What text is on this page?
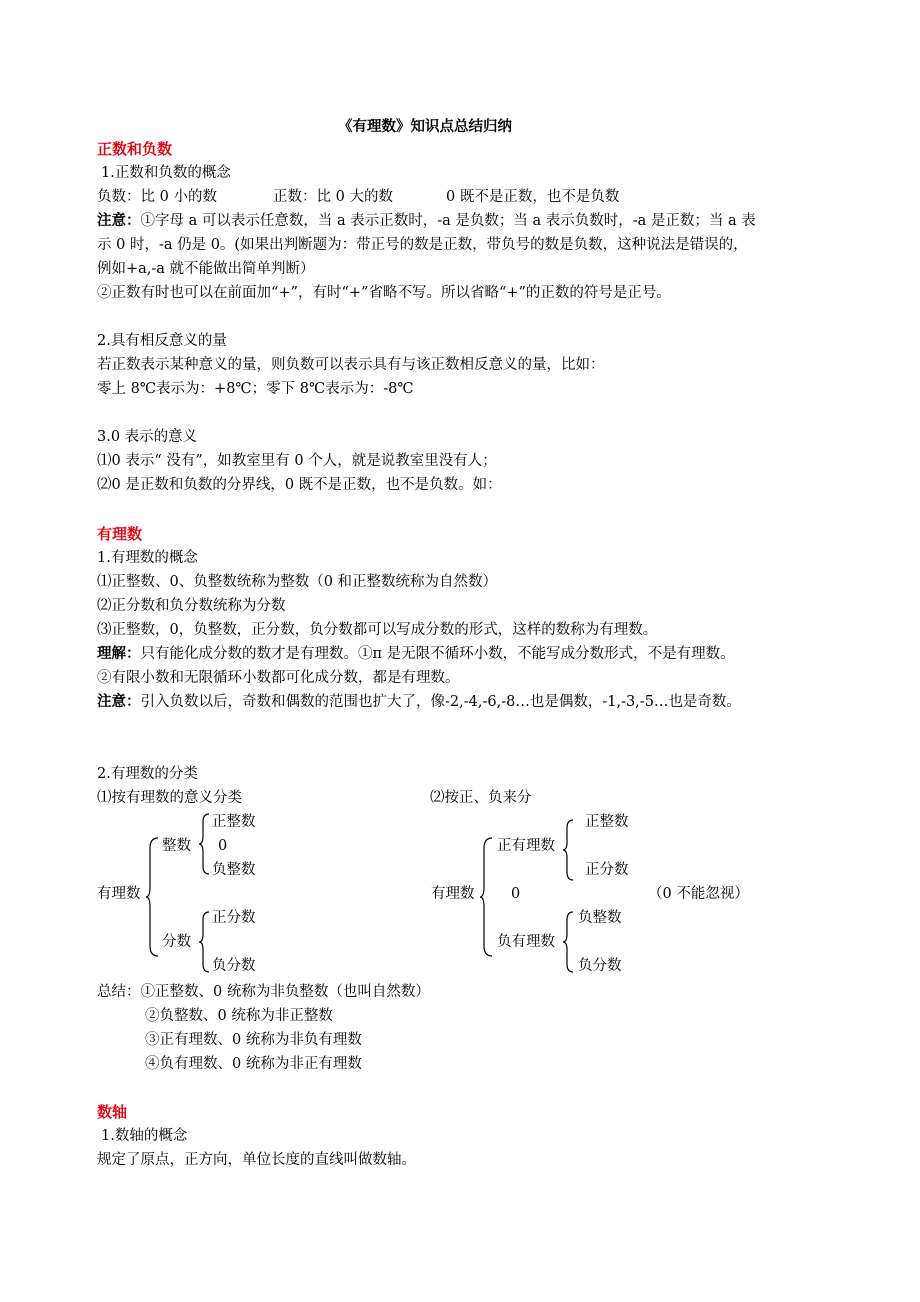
《有理数》知识点总结归纳
正数和负数
1.正数和负数的概念
负数：比 0 小的数	正数：比 0 大的数	0 既不是正数，也不是负数
注意：①字母 a 可以表示任意数，当 a 表示正数时，-a 是负数；当 a 表示负数时，-a 是正数；当 a 表
示 0 时，-a 仍是 0。(如果出判断题为：带正号的数是正数，带负号的数是负数，这种说法是错误的，
例如+a,-a 就不能做出简单判断）
②正数有时也可以在前面加“+”，有时“+”省略不写。所以省略“+”的正数的符号是正号。
2.具有相反意义的量
若正数表示某种意义的量，则负数可以表示具有与该正数相反意义的量，比如：
零上 8℃表示为：+8℃；零下 8℃表示为：-8℃
3.0 表示的意义
⑴0 表示“ 没有”，如教室里有 0 个人，就是说教室里没有人；
⑵0 是正数和负数的分界线，0 既不是正数，也不是负数。如：
有理数
1.有理数的概念
⑴正整数、0、负整数统称为整数（0 和正整数统称为自然数）
⑵正分数和负分数统称为分数
⑶正整数，0，负整数，正分数，负分数都可以写成分数的形式，这样的数称为有理数。
理解：只有能化成分数的数才是有理数。①π 是无限不循环小数，不能写成分数形式，不是有理数。
②有限小数和无限循环小数都可化成分数，都是有理数。
注意：引入负数以后，奇数和偶数的范围也扩大了，像-2,-4,-6,-8…也是偶数，-1,-3,-5…也是奇数。
2.有理数的分类
⑴按有理数的意义分类
有理数
整数
正整数
0
负整数
分数
正分数
负分数
⑵按正、负来分
有理数
正有理数
正整数
正分数
0	（0 不能忽视）
负有理数
负整数
负分数
总结：①正整数、0 统称为非负整数（也叫自然数）
②负整数、0 统称为非正整数
③正有理数、0 统称为非负有理数
④负有理数、0 统称为非正有理数
数轴
1.数轴的概念
规定了原点，正方向，单位长度的直线叫做数轴。
